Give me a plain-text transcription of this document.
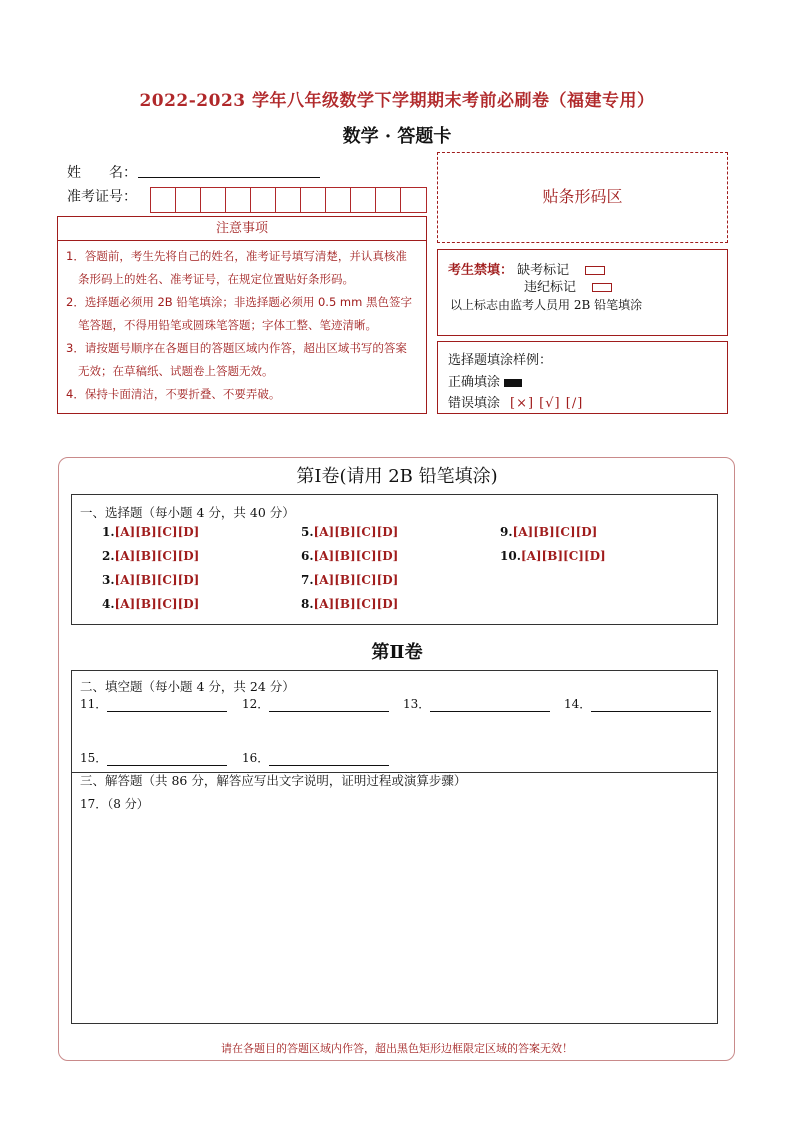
2022-2023 学年八年级数学下学期期末考前必刷卷（福建专用）
数学 · 答题卡
姓　　名：
准考证号：
注意事项
1．答题前，考生先将自己的姓名，准考证号填写清楚，并认真核准条形码上的姓名、准考证号，在规定位置贴好条形码。
2．选择题必须用 2B 铅笔填涂；非选择题必须用 0.5 mm 黑色签字笔答题，不得用铅笔或圆珠笔答题；字体工整、笔迹清晰。
3．请按题号顺序在各题目的答题区域内作答，超出区域书写的答案无效；在草稿纸、试题卷上答题无效。
4．保持卡面清洁，不要折叠、不要弄破。
贴条形码区
考生禁填： 缺考标记
违纪标记
以上标志由监考人员用 2B 铅笔填涂
选择题填涂样例：
正确填涂
错误填涂 [×] [√] [/]
第Ⅰ卷(请用 2B 铅笔填涂)
一、选择题（每小题 4 分，共 40 分）
1.[A][B][C][D]
2.[A][B][C][D]
3.[A][B][C][D]
4.[A][B][C][D]
5.[A][B][C][D]
6.[A][B][C][D]
7.[A][B][C][D]
8.[A][B][C][D]
9.[A][B][C][D]
10.[A][B][C][D]
第Ⅱ卷
二、填空题（每小题 4 分，共 24 分）
11．	12．	13．	14．
15．	16．
三、解答题（共 86 分，解答应写出文字说明，证明过程或演算步骤）
17．（8 分）
请在各题目的答题区域内作答，超出黑色矩形边框限定区域的答案无效！
